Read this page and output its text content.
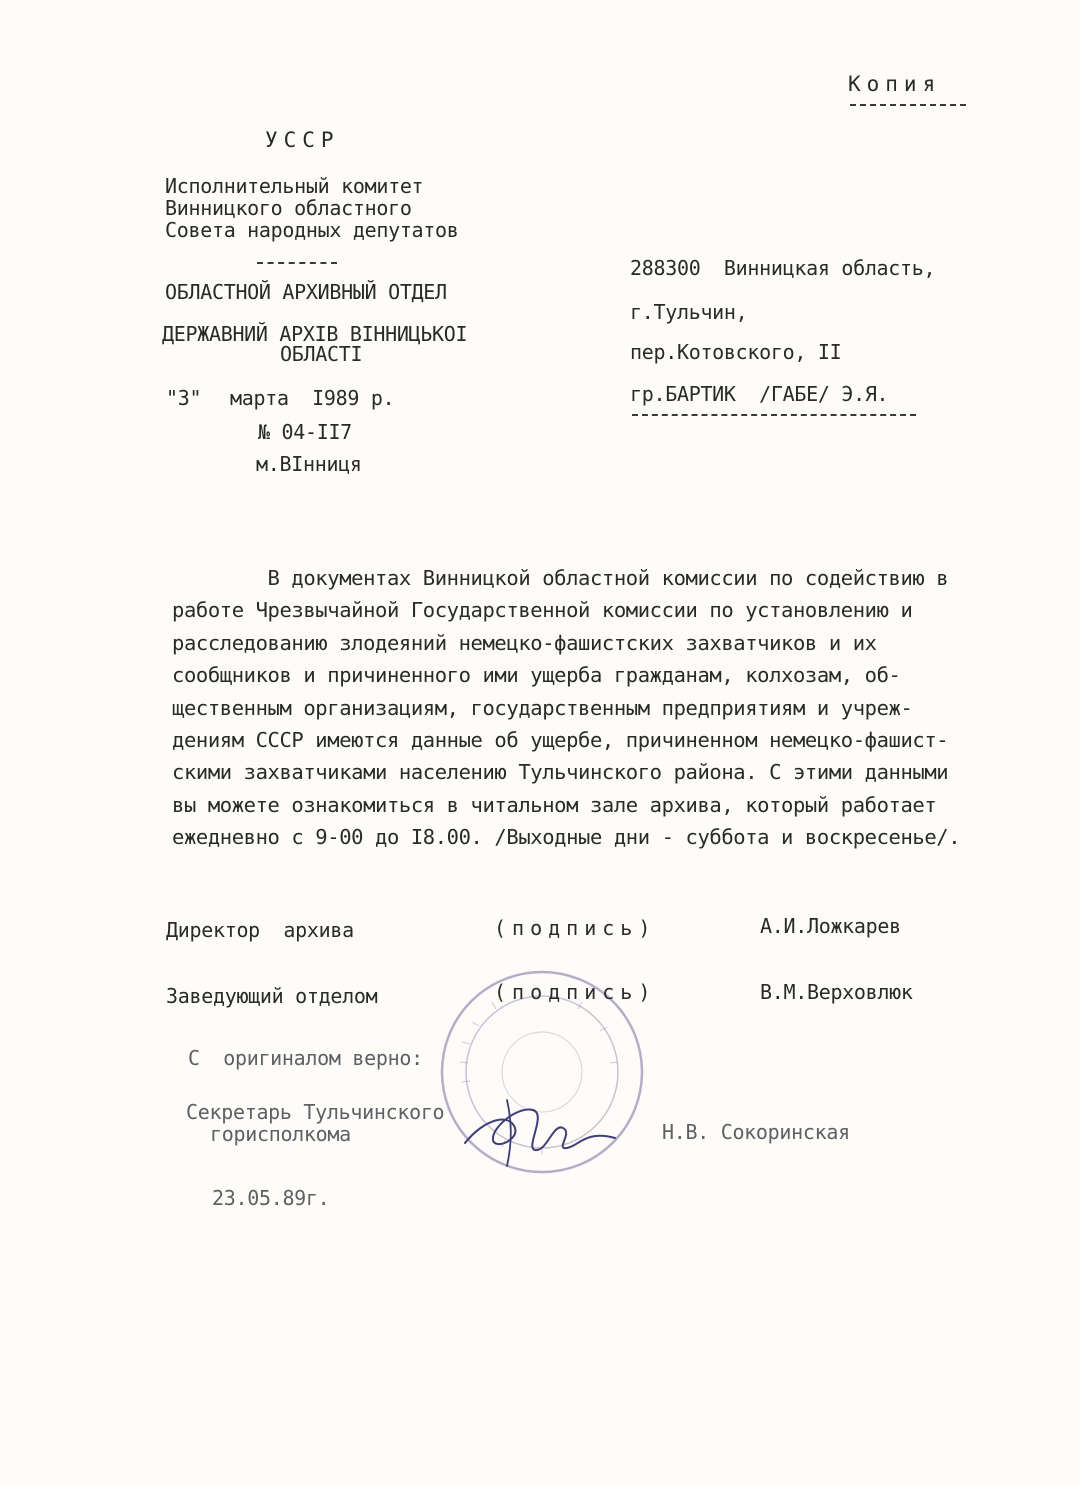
Копия
УССР
Исполнительный комитет
Винницкого областного
Совета народных депутатов
ОБЛАСТНОЙ АРХИВНЫЙ ОТДЕЛ
ДЕРЖАВНИЙ АРХІВ ВІННИЦЬКОІ
ОБЛАСТІ
"3" марта  I989 р.
№ 04-II7
м.ВІнниця
288300  Винницкая область,
г.Тульчин,
пер.Котовского, II
гр.БАРТИК  /ГАБЕ/ Э.Я.
В документах Винницкой областной комиссии по содействию в
работе Чрезвычайной Государственной комиссии по установлению и
расследованию злодеяний немецко-фашистских захватчиков и их
сообщников и причиненного ими ущерба гражданам, колхозам, об-
щественным организациям, государственным предприятиям и учреж-
дениям СССР имеются данные об ущербе, причиненном немецко-фашист-
скими захватчиками населению Тульчинского района. С этими данными
вы можете ознакомиться в читальном зале архива, который работает
ежедневно с 9-00 до I8.00. /Выходные дни - суббота и воскресенье/.
Директор  архива	(подпись)	А.И.Ложкарев
Заведующий отделом	(подпись)	В.М.Верховлюк
С  оригиналом верно:
Секретарь Тульчинского
горисполкома	Н.В. Сокоринская
23.05.89г.
